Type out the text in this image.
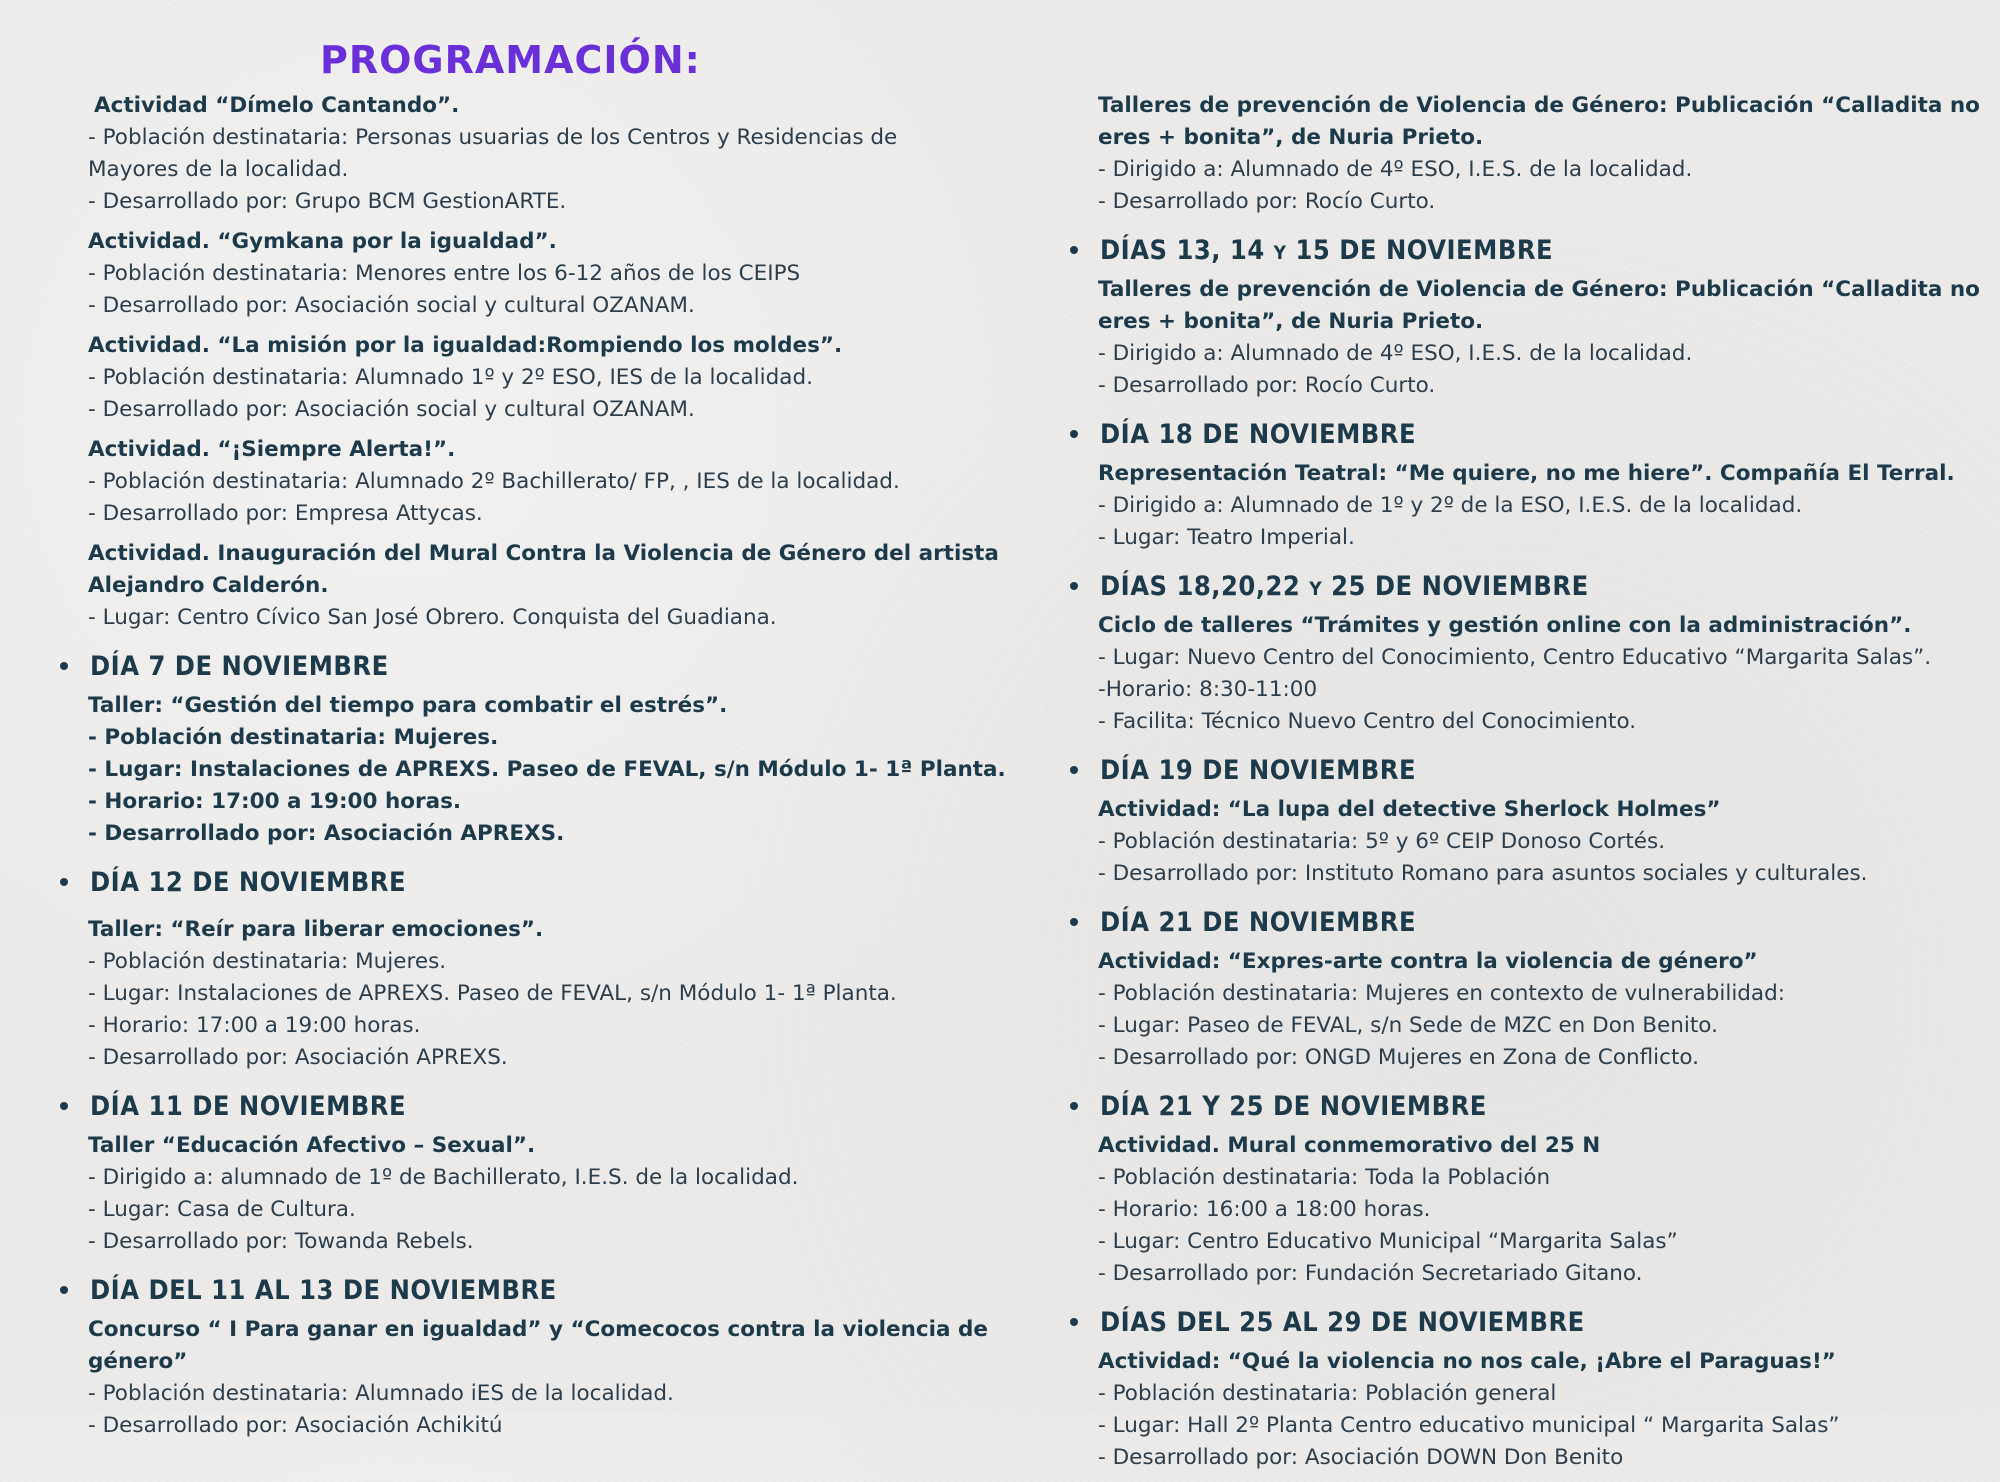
PROGRAMACIÓN:
Actividad “Dímelo Cantando”.
- Población destinataria: Personas usuarias de los Centros y Residencias de
Mayores de la localidad.
- Desarrollado por: Grupo BCM GestionARTE.
Actividad. “Gymkana por la igualdad”.
- Población destinataria: Menores entre los 6-12 años de los CEIPS
- Desarrollado por: Asociación social y cultural OZANAM.
Actividad. “La misión por la igualdad:Rompiendo los moldes”.
- Población destinataria: Alumnado 1º y 2º ESO, IES de la localidad.
- Desarrollado por: Asociación social y cultural OZANAM.
Actividad. “¡Siempre Alerta!”.
- Población destinataria: Alumnado 2º Bachillerato/ FP, , IES de la localidad.
- Desarrollado por: Empresa Attycas.
Actividad. Inauguración del Mural Contra la Violencia de Género del artista
Alejandro Calderón.
- Lugar: Centro Cívico San José Obrero. Conquista del Guadiana.
DÍA 7 DE NOVIEMBRE
Taller: “Gestión del tiempo para combatir el estrés”.
- Población destinataria: Mujeres.
- Lugar: Instalaciones de APREXS. Paseo de FEVAL, s/n Módulo 1- 1ª Planta.
- Horario: 17:00 a 19:00 horas.
- Desarrollado por: Asociación APREXS.
DÍA 12 DE NOVIEMBRE
Taller: “Reír para liberar emociones”.
- Población destinataria: Mujeres.
- Lugar: Instalaciones de APREXS. Paseo de FEVAL, s/n Módulo 1- 1ª Planta.
- Horario: 17:00 a 19:00 horas.
- Desarrollado por: Asociación APREXS.
DÍA 11 DE NOVIEMBRE
Taller “Educación Afectivo – Sexual”.
- Dirigido a: alumnado de 1º de Bachillerato, I.E.S. de la localidad.
- Lugar: Casa de Cultura.
- Desarrollado por: Towanda Rebels.
DÍA DEL 11 AL 13 DE NOVIEMBRE
Concurso “ I Para ganar en igualdad” y “Comecocos contra la violencia de
género”
- Población destinataria: Alumnado iES de la localidad.
- Desarrollado por: Asociación Achikitú
Talleres de prevención de Violencia de Género: Publicación “Calladita no
eres + bonita”, de Nuria Prieto.
- Dirigido a: Alumnado de 4º ESO, I.E.S. de la localidad.
- Desarrollado por: Rocío Curto.
DÍAS 13, 14 y 15 DE NOVIEMBRE
Talleres de prevención de Violencia de Género: Publicación “Calladita no
eres + bonita”, de Nuria Prieto.
- Dirigido a: Alumnado de 4º ESO, I.E.S. de la localidad.
- Desarrollado por: Rocío Curto.
DÍA 18 DE NOVIEMBRE
Representación Teatral: “Me quiere, no me hiere”. Compañía El Terral.
- Dirigido a: Alumnado de 1º y 2º de la ESO, I.E.S. de la localidad.
- Lugar: Teatro Imperial.
DÍAS 18,20,22 y 25 DE NOVIEMBRE
Ciclo de talleres “Trámites y gestión online con la administración”.
- Lugar: Nuevo Centro del Conocimiento, Centro Educativo “Margarita Salas”.
-Horario: 8:30-11:00
- Facilita: Técnico Nuevo Centro del Conocimiento.
DÍA 19 DE NOVIEMBRE
Actividad: “La lupa del detective Sherlock Holmes”
- Población destinataria: 5º y 6º CEIP Donoso Cortés.
- Desarrollado por: Instituto Romano para asuntos sociales y culturales.
DÍA 21 DE NOVIEMBRE
Actividad: “Expres-arte contra la violencia de género”
- Población destinataria: Mujeres en contexto de vulnerabilidad:
- Lugar: Paseo de FEVAL, s/n Sede de MZC en Don Benito.
- Desarrollado por: ONGD Mujeres en Zona de Conflicto.
DÍA 21 Y 25 DE NOVIEMBRE
Actividad. Mural conmemorativo del 25 N
- Población destinataria: Toda la Población
- Horario: 16:00 a 18:00 horas.
- Lugar: Centro Educativo Municipal “Margarita Salas”
- Desarrollado por: Fundación Secretariado Gitano.
DÍAS DEL 25 AL 29 DE NOVIEMBRE
Actividad: “Qué la violencia no nos cale, ¡Abre el Paraguas!”
- Población destinataria: Población general
- Lugar: Hall 2º Planta Centro educativo municipal “ Margarita Salas”
- Desarrollado por: Asociación DOWN Don Benito
